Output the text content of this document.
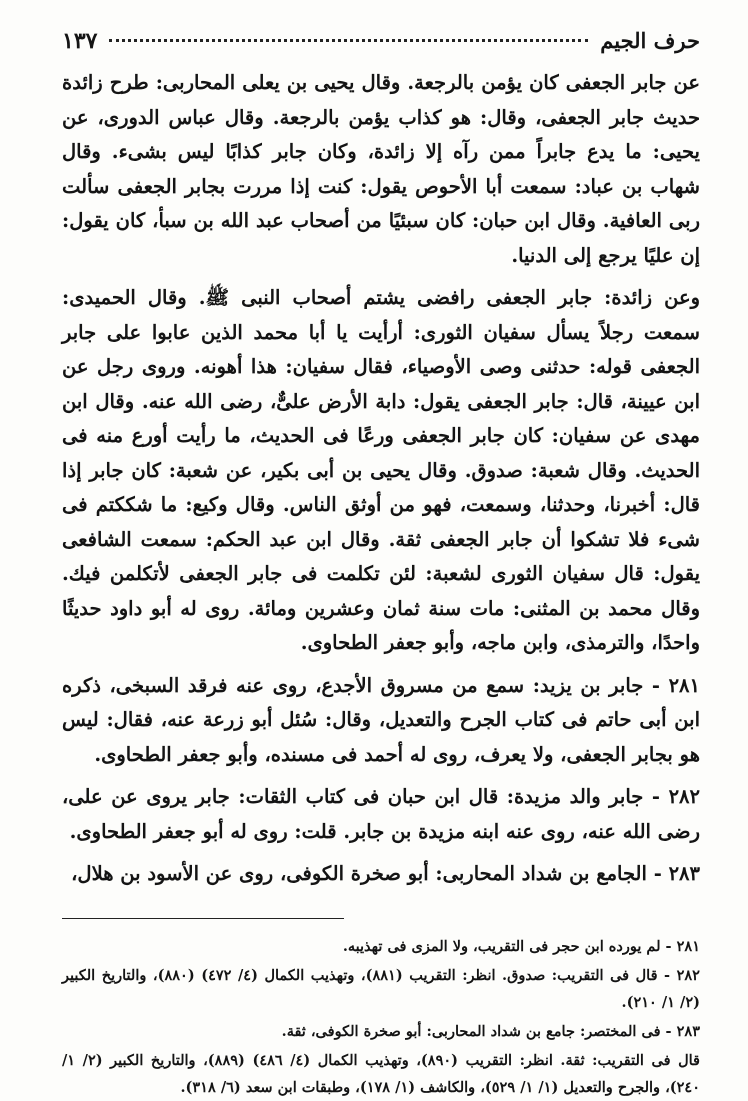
حرف الجيم
١٣٧

عن جابر الجعفى كان يؤمن بالرجعة. وقال يحيى بن يعلى المحاربى: طرح زائدة حديث جابر الجعفى، وقال: هو كذاب يؤمن بالرجعة. وقال عباس الدورى، عن يحيى: ما يدع جابراً ممن رآه إلا زائدة، وكان جابر كذابًا ليس بشىء. وقال شهاب بن عباد: سمعت أبا الأحوص يقول: كنت إذا مررت بجابر الجعفى سألت ربى العافية. وقال ابن حبان: كان سبئيًا من أصحاب عبد الله بن سبأ، كان يقول: إن عليًا يرجع إلى الدنيا.

وعن زائدة: جابر الجعفى رافضى يشتم أصحاب النبى ﷺ. وقال الحميدى: سمعت رجلاً يسأل سفيان الثورى: أرأيت يا أبا محمد الذين عابوا على جابر الجعفى قوله: حدثنى وصى الأوصياء، فقال سفيان: هذا أهونه. وروى رجل عن ابن عيينة، قال: جابر الجعفى يقول: دابة الأرض علىٌّ، رضى الله عنه. وقال ابن مهدى عن سفيان: كان جابر الجعفى ورعًا فى الحديث، ما رأيت أورع منه فى الحديث. وقال شعبة: صدوق. وقال يحيى بن أبى بكير، عن شعبة: كان جابر إذا قال: أخبرنا، وحدثنا، وسمعت، فهو من أوثق الناس. وقال وكيع: ما شككتم فى شىء فلا تشكوا أن جابر الجعفى ثقة. وقال ابن عبد الحكم: سمعت الشافعى يقول: قال سفيان الثورى لشعبة: لئن تكلمت فى جابر الجعفى لأتكلمن فيك. وقال محمد بن المثنى: مات سنة ثمان وعشرين ومائة. روى له أبو داود حديثًا واحدًا، والترمذى، وابن ماجه، وأبو جعفر الطحاوى.

٢٨١ - جابر بن يزيد: سمع من مسروق الأجدع، روى عنه فرقد السبخى، ذكره ابن أبى حاتم فى كتاب الجرح والتعديل، وقال: سُئل أبو زرعة عنه، فقال: ليس هو بجابر الجعفى، ولا يعرف، روى له أحمد فى مسنده، وأبو جعفر الطحاوى.

٢٨٢ - جابر والد مزيدة: قال ابن حبان فى كتاب الثقات: جابر يروى عن على، رضى الله عنه، روى عنه ابنه مزيدة بن جابر. قلت: روى له أبو جعفر الطحاوى.

٢٨٣ - الجامع بن شداد المحاربى: أبو صخرة الكوفى، روى عن الأسود بن هلال،

٢٨١ - لم يورده ابن حجر فى التقريب، ولا المزى فى تهذيبه.

٢٨٢ - قال فى التقريب: صدوق. انظر: التقريب (٨٨١)، وتهذيب الكمال (٤/ ٤٧٢) (٨٨٠)، والتاريخ الكبير (٢/ ١/ ٢١٠).

٢٨٣ - فى المختصر: جامع بن شداد المحاربى: أبو صخرة الكوفى، ثقة.

قال فى التقريب: ثقة. انظر: التقريب (٨٩٠)، وتهذيب الكمال (٤/ ٤٨٦) (٨٨٩)، والتاريخ الكبير (٢/ ١/ ٢٤٠)، والجرح والتعديل (١/ ١/ ٥٢٩)، والكاشف (١/ ١٧٨)، وطبقات ابن سعد (٦/ ٣١٨).
